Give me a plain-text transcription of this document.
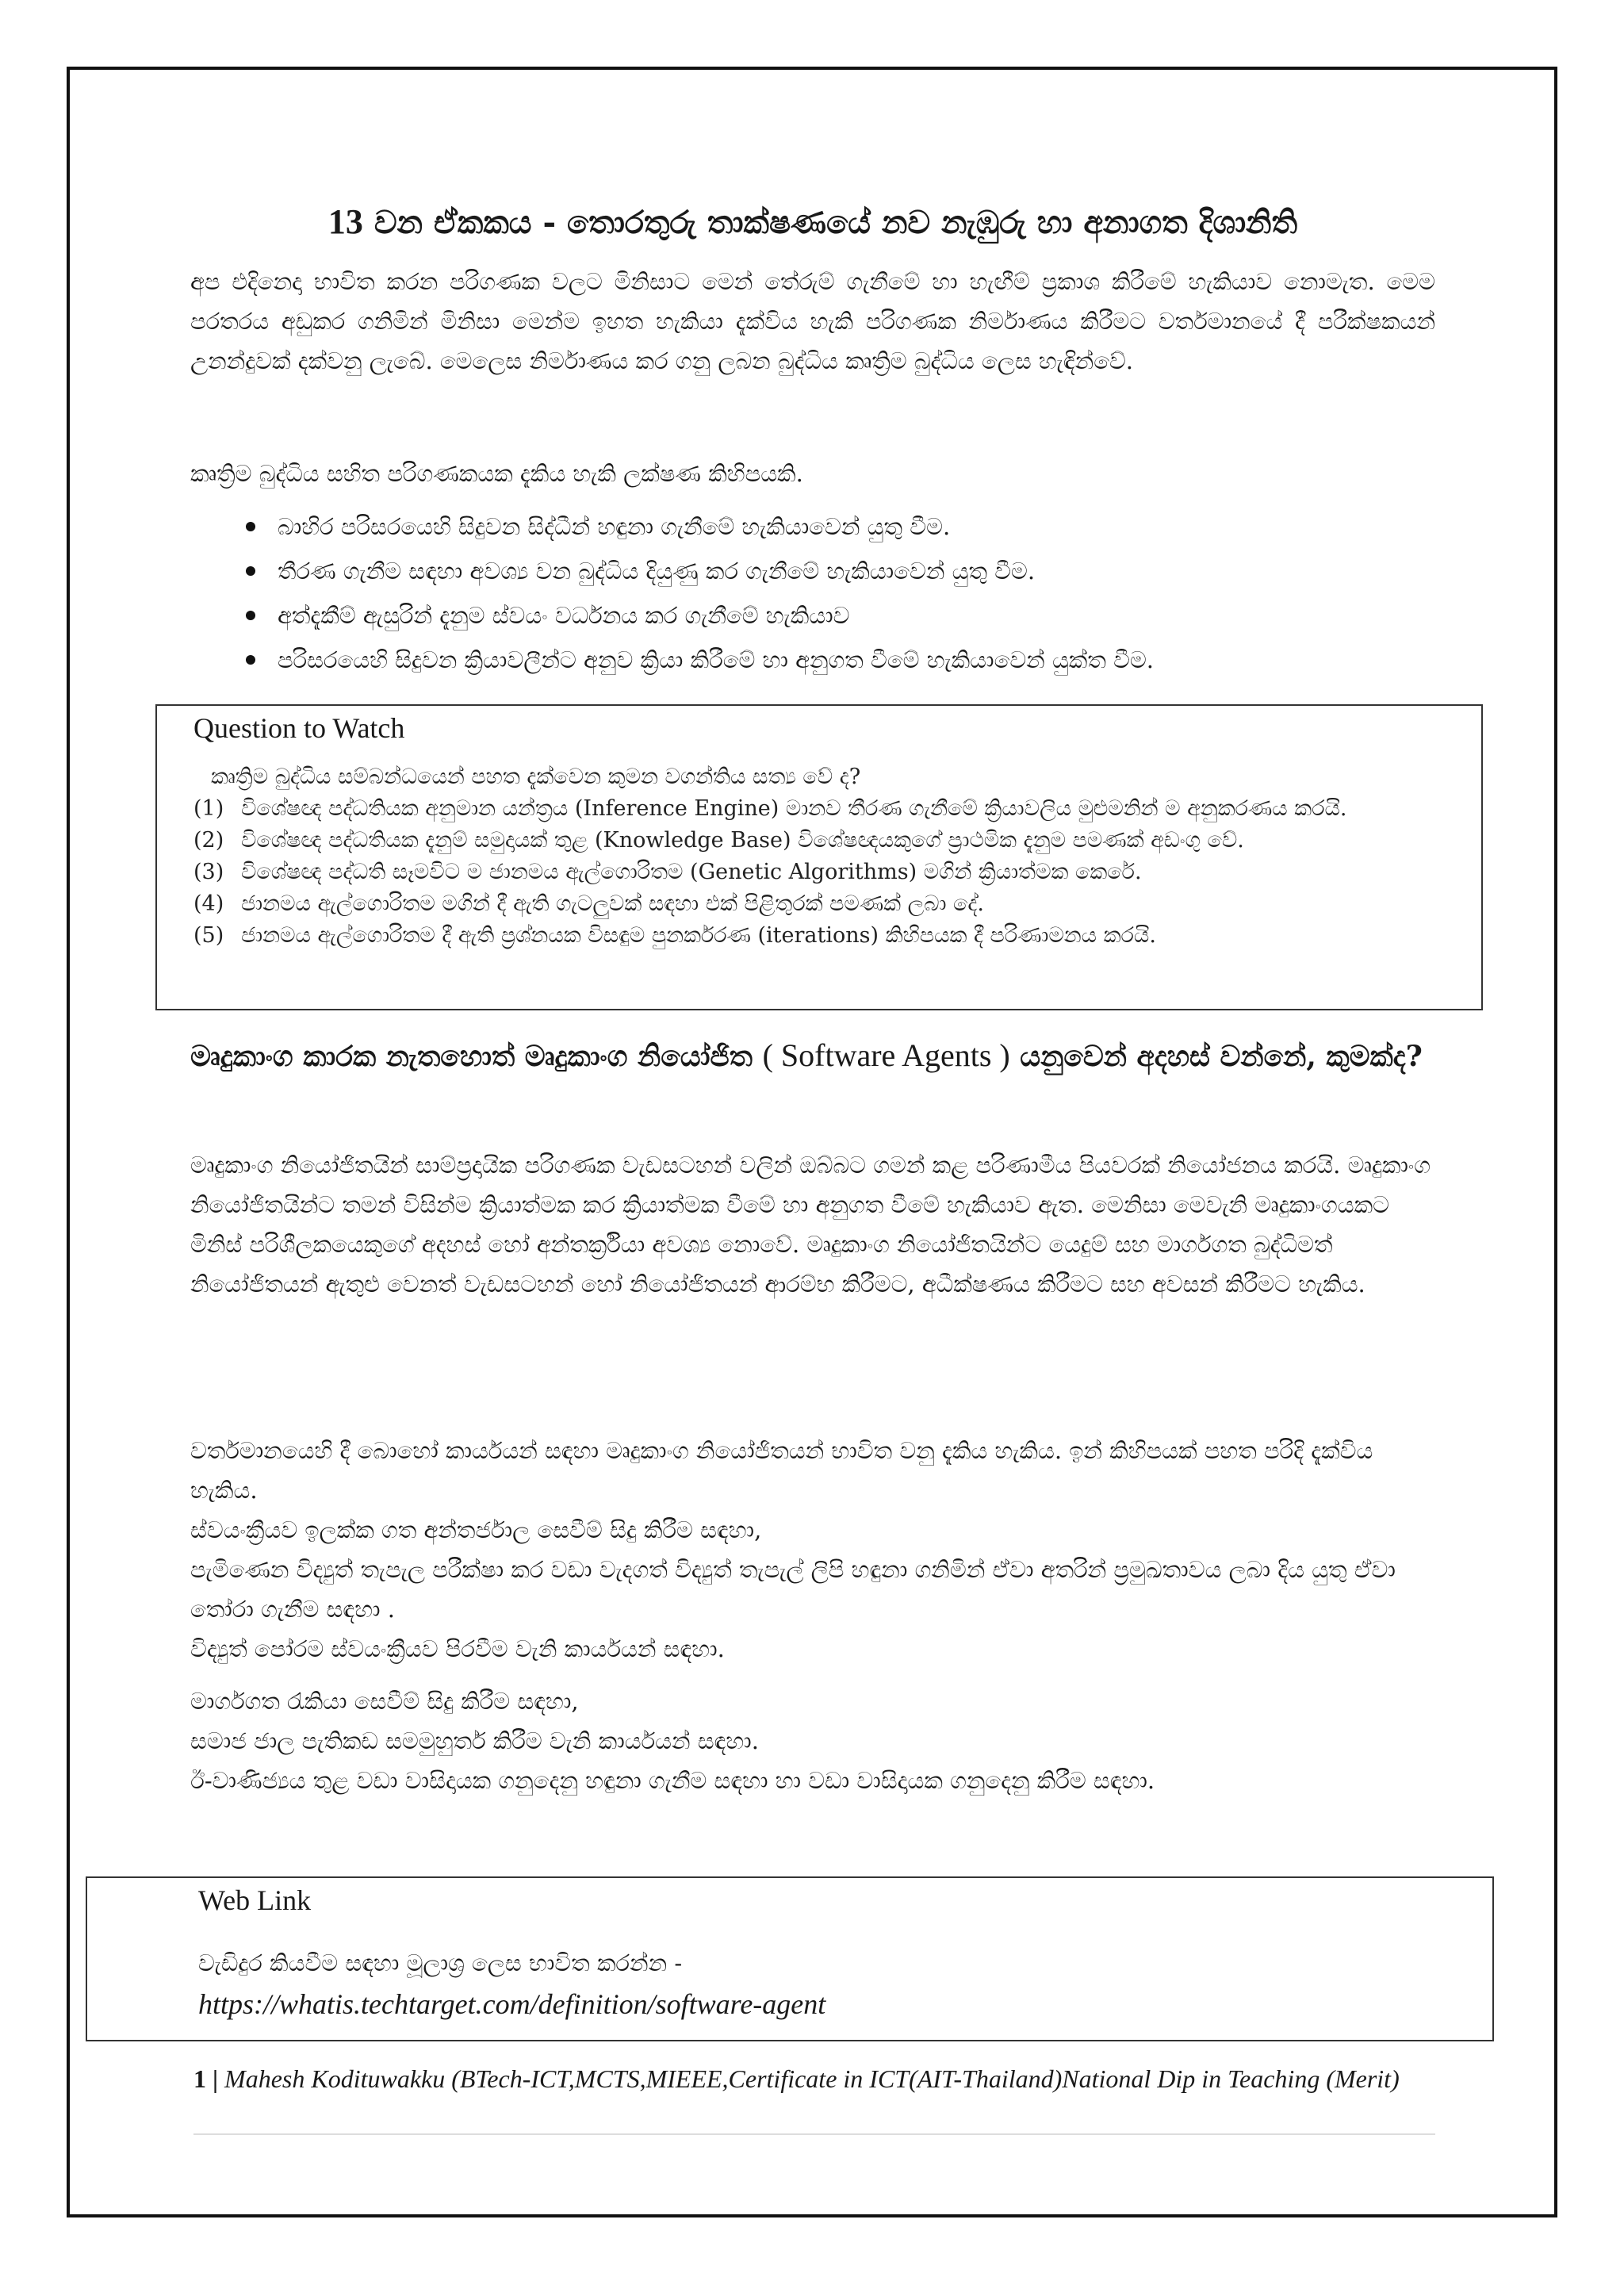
13 වන ඒකකය - තොරතුරු තාක්ෂණයේ නව නැඹුරු හා අනාගත දිශානිති

අප එදිනෙදා භාවිත කරන පරිගණක වලට මිනිසාට මෙන් තේරුම් ගැනීමේ හා හැඟීම් ප්‍රකාශ කිරීමේ හැකියාව නොමැත. මෙම පරතරය අඩුකර ගනිමින් මිනිසා මෙන්ම ඉහත හැකියා දැක්විය හැකි පරිගණක නිර්මාණය කිරීමට වර්තමානයේ දී පරීක්ෂකයන් උනන්දුවක් දක්වනු ලැබේ. මෙලෙස නිර්මාණය කර ගනු ලබන බුද්ධිය කෘත්‍රිම බුද්ධිය ලෙස හැඳින්වේ.

කෘත්‍රිම බුද්ධිය සහිත පරිගණකයක දැකිය හැකි ලක්ෂණ කිහිපයකි.

බාහිර පරිසරයෙහි සිදුවන සිද්ධීන් හඳුනා ගැනීමේ හැකියාවෙන් යුතු වීම.
තීරණ ගැනීම සඳහා අවශ්‍ය වන බුද්ධිය දියුණු කර ගැනීමේ හැකියාවෙන් යුතු වීම.
අත්දැකීම් ඇසුරින් දැනුම ස්වයං වර්ධනය කර ගැනීමේ හැකියාව
පරිසරයෙහි සිදුවන ක්‍රියාවලීන්ට අනුව ක්‍රියා කිරීමේ හා අනුගත වීමේ හැකියාවෙන් යුක්ත වීම.
Question to Watch
කෘත්‍රිම බුද්ධිය සම්බන්ධයෙන් පහත දැක්වෙන කුමන වගන්තිය සත්‍ය වේ ද?
(1) විශේෂඥ පද්ධතියක අනුමාන යන්ත්‍රය (Inference Engine) මානව තීරණ ගැනීමේ ක්‍රියාවලිය මුළුමනින් ම අනුකරණය කරයි.
(2) විශේෂඥ පද්ධතියක දැනුම් සමුදායක් තුළ (Knowledge Base) විශේෂඥයකුගේ ප්‍රාථමික දැනුම පමණක් අඩංගු වේ.
(3) විශේෂඥ පද්ධති සෑමවිට ම ජානමය ඇල්ගොරිතම (Genetic Algorithms) මගින් ක්‍රියාත්මක කෙරේ.
(4) ජානමය ඇල්ගොරිතම මගින් දී ඇති ගැටලුවක් සඳහා එක් පිළිතුරක් පමණක් ලබා දේ.
(5) ජානමය ඇල්ගොරිතම දී ඇති ප්‍රශ්නයක විසඳුම පුනර්කරණ (iterations) කිහිපයක දී පරිණාමනය කරයි.
මෘදුකාංග කාරක නැතහොත් මෘදුකාංග නියෝජිත ( Software Agents ) යනුවෙන් අදහස් වන්නේ, කුමක්ද?

මෘදුකාංග නියෝජිතයින් සාම්ප්‍රදායික පරිගණක වැඩසටහන් වලින් ඔබ්බට ගමන් කළ පරිණාමීය පියවරක් නියෝජනය කරයි. මෘදුකාංග නියෝජිතයින්ට තමන් විසින්ම ක්‍රියාත්මක කර ක්‍රියාත්මක වීමේ හා අනුගත වීමේ හැකියාව ඇත. මෙනිසා මෙවැනි මෘදුකාංගයකට මිනිස් පරිශීලකයෙකුගේ අදහස් හෝ අන්තර්ක්‍රියා අවශ්‍ය නොවේ. මෘදුකාංග නියෝජිතයින්ට යෙදුම් සහ මාර්ගගත බුද්ධිමත් නියෝජිතයන් ඇතුළු වෙනත් වැඩසටහන් හෝ නියෝජිතයන් ආරම්භ කිරීමට, අධීක්ෂණය කිරීමට සහ අවසන් කිරීමට හැකිය.

වර්තමානයෙහි දී බොහෝ කාර්යයන් සඳහා මෘදුකාංග නියෝජිතයන් භාවිත වනු දැකිය හැකිය. ඉන් කිහිපයක් පහත පරිදි දැක්විය හැකිය.

ස්වයංක්‍රීයව ඉලක්ක ගත අන්තර්ජාල සෙවීම් සිදු කිරීම සඳහා,

පැමිණෙන විද්‍යුත් තැපැල පරීක්ෂා කර වඩා වැදගත් විද්‍යුත් තැපැල් ලිපි හඳුනා ගනිමින් ඒවා අතරින් ප්‍රමුඛතාවය ලබා දිය යුතු ඒවා තෝරා ගැනීම සඳහා .

විද්‍යුත් පෝරම ස්වයංක්‍රීයව පිරවීම වැනි කාර්යයන් සඳහා.

මාර්ගගත රැකියා සෙවීම් සිදු කිරීම සඳහා,

සමාජ ජාල පැතිකඩ සමමුහුර්ත කිරීම වැනි කාර්යයන් සඳහා.

ඊ-වාණිජ්‍යය තුළ වඩා වාසිදායක ගනුදෙනු හඳුනා ගැනීම සඳහා හා වඩා වාසිදායක ගනුදෙනු කිරීම සඳහා.

Web Link
වැඩිදුර කියවීම සඳහා මූලාශ්‍ර ලෙස භාවිත කරන්න -
https://whatis.techtarget.com/definition/software-agent
1 | Mahesh Kodituwakku (BTech-ICT,MCTS,MIEEE,Certificate in ICT(AIT-Thailand)National Dip in Teaching (Merit)
